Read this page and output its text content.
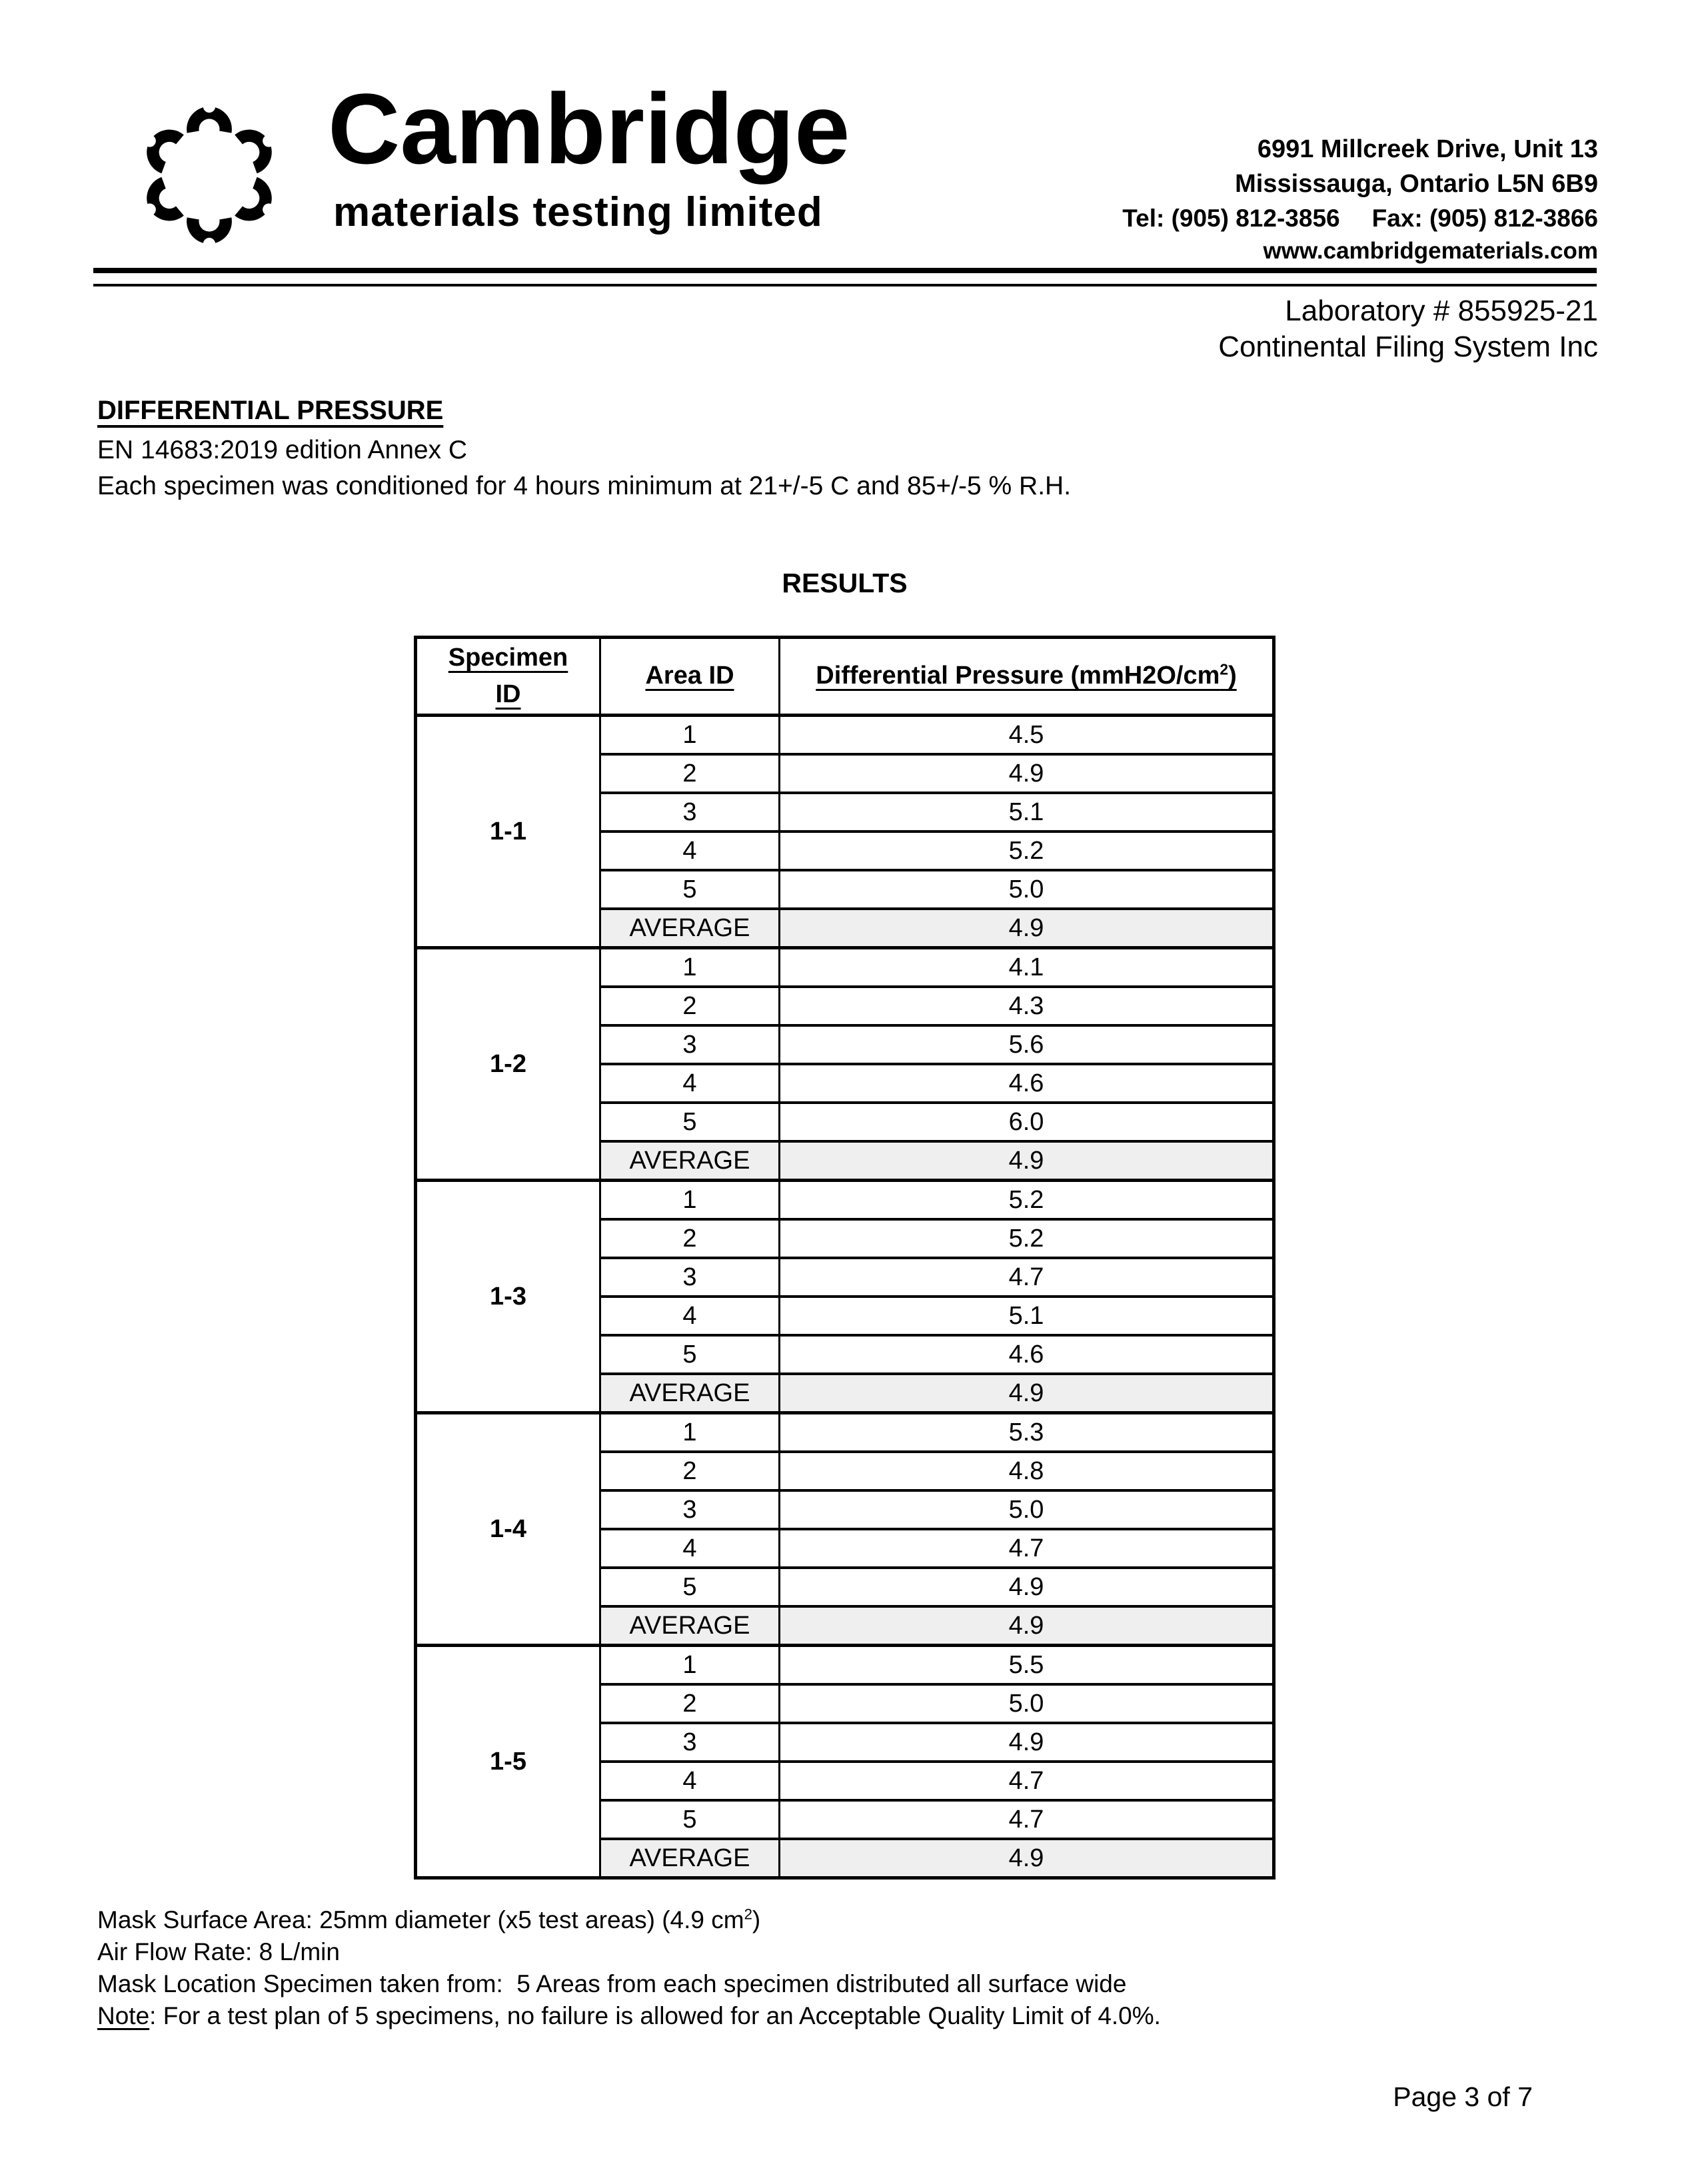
Cambridge
materials testing limited
6991 Millcreek Drive, Unit 13
Mississauga, Ontario L5N 6B9
Tel: (905) 812-3856 Fax: (905) 812-3866
www.cambridgematerials.com
Laboratory # 855925-21
Continental Filing System Inc
DIFFERENTIAL PRESSURE
EN 14683:2019 edition Annex C
Each specimen was conditioned for 4 hours minimum at 21+/-5 C and 85+/-5 % R.H.
RESULTS
Specimen
ID	Area ID	Differential Pressure $(mmH2O/cm^2)$
1-1	1	4.5
	2	4.9
	3	5.1
	4	5.2
	5	5.0
	AVERAGE	4.9
1-2	1	4.1
	2	4.3
	3	5.6
	4	4.6
	5	6.0
	AVERAGE	4.9
1-3	1	5.2
	2	5.2
	3	4.7
	4	5.1
	5	4.6
	AVERAGE	4.9
1-4	1	5.3
	2	4.8
	3	5.0
	4	4.7
	5	4.9
	AVERAGE	4.9
1-5	1	5.5
	2	5.0
	3	4.9
	4	4.7
	5	4.7
	AVERAGE	4.9
Mask Surface Area: 25mm diameter (x5 test areas) (4.9 $cm^2$)
Air Flow Rate: 8 L/min
Mask Location Specimen taken from:  5 Areas from each specimen distributed all surface wide
Note: For a test plan of 5 specimens, no failure is allowed for an Acceptable Quality Limit of 4.0%.
Page 3 of 7
